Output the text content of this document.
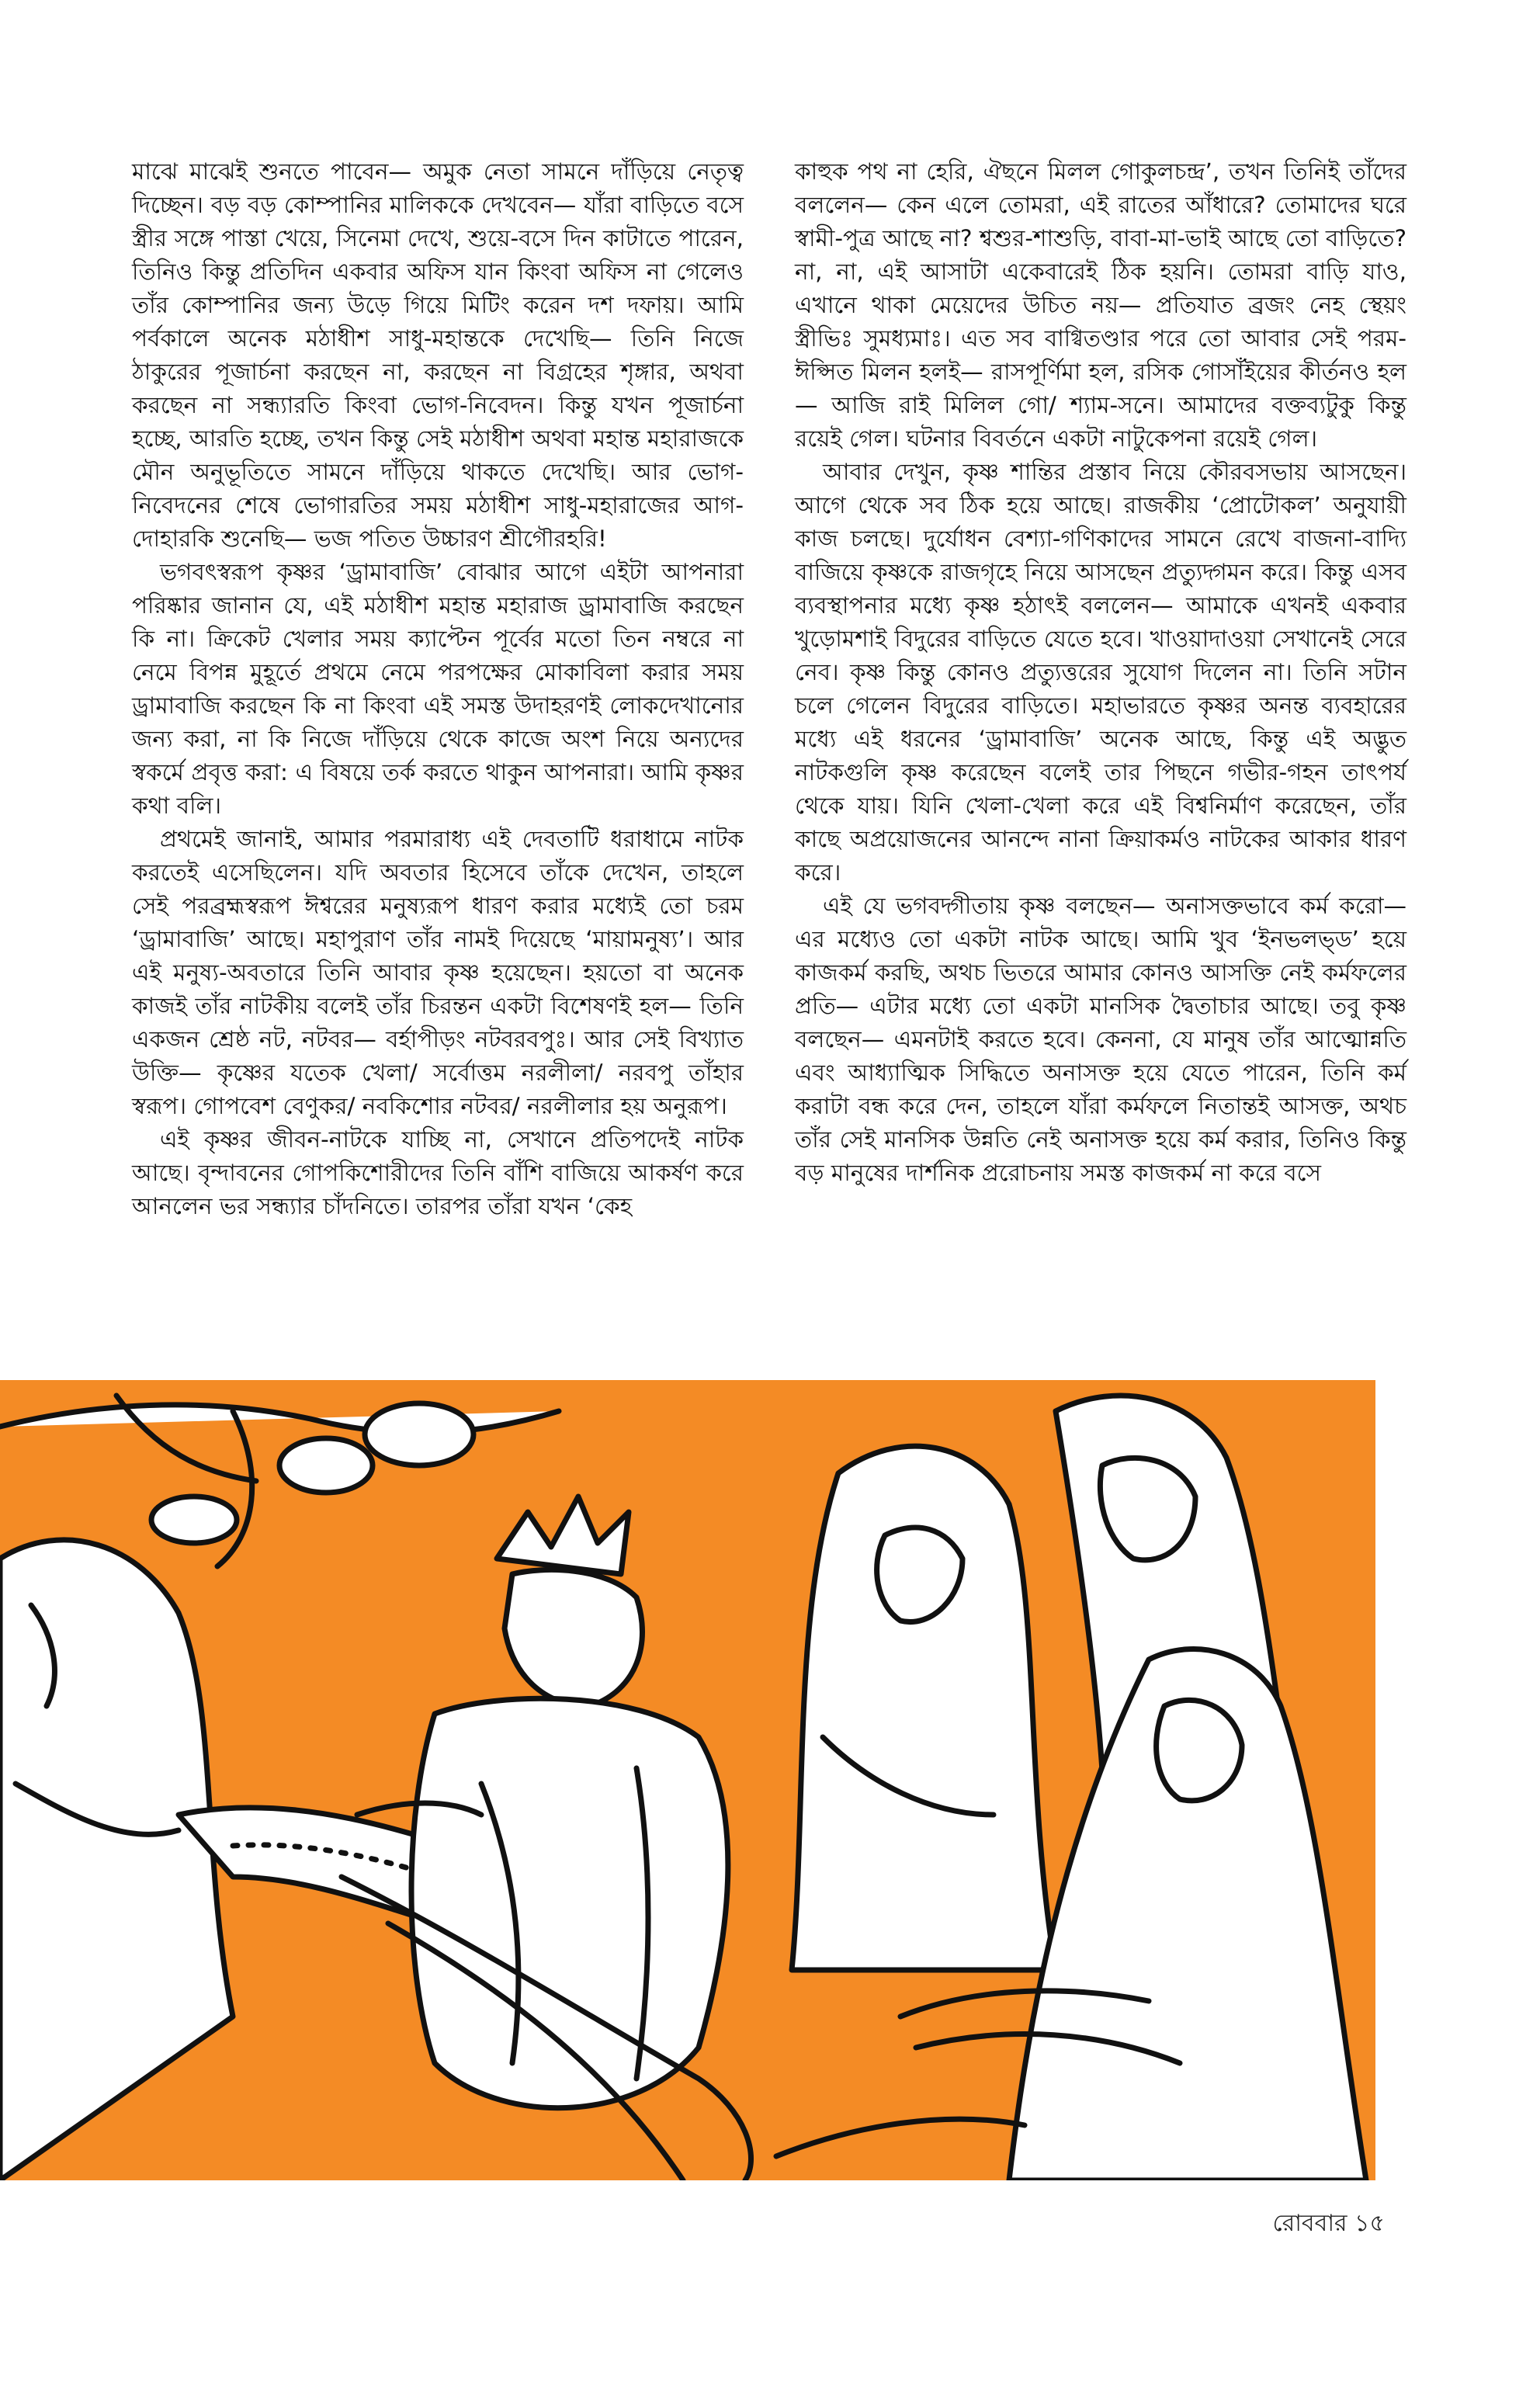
মাঝে মাঝেই শুনতে পাবেন— অমুক নেতা সামনে দাঁড়িয়ে নেতৃত্ব দিচ্ছেন। বড় বড় কোম্পানির মালিককে দেখবেন— যাঁরা বাড়িতে বসে স্ত্রীর সঙ্গে পাস্তা খেয়ে, সিনেমা দেখে, শুয়ে-বসে দিন কাটাতে পারেন, তিনিও কিন্তু প্রতিদিন একবার অফিস যান কিংবা অফিস না গেলেও তাঁর কোম্পানির জন্য উড়ে গিয়ে মিটিং করেন দশ দফায়। আমি পর্বকালে অনেক মঠাধীশ সাধু-মহান্তকে দেখেছি— তিনি নিজে ঠাকুরের পূজার্চনা করছেন না, করছেন না বিগ্রহের শৃঙ্গার, অথবা করছেন না সন্ধ্যারতি কিংবা ভোগ-নিবেদন। কিন্তু যখন পূজার্চনা হচ্ছে, আরতি হচ্ছে, তখন কিন্তু সেই মঠাধীশ অথবা মহান্ত মহারাজকে মৌন অনুভূতিতে সামনে দাঁড়িয়ে থাকতে দেখেছি। আর ভোগ-নিবেদনের শেষে ভোগারতির সময় মঠাধীশ সাধু-মহারাজের আগ-দোহারকি শুনেছি— ভজ পতিত উচ্চারণ শ্রীগৌরহরি!

ভগবৎস্বরূপ কৃষ্ণর ‘ড্রামাবাজি’ বোঝার আগে এইটা আপনারা পরিষ্কার জানান যে, এই মঠাধীশ মহান্ত মহারাজ ড্রামাবাজি করছেন কি না। ক্রিকেট খেলার সময় ক্যাপ্টেন পূর্বের মতো তিন নম্বরে না নেমে বিপন্ন মুহূর্তে প্রথমে নেমে পরপক্ষের মোকাবিলা করার সময় ড্রামাবাজি করছেন কি না কিংবা এই সমস্ত উদাহরণই লোকদেখানোর জন্য করা, না কি নিজে দাঁড়িয়ে থেকে কাজে অংশ নিয়ে অন্যদের স্বকর্মে প্রবৃত্ত করা: এ বিষয়ে তর্ক করতে থাকুন আপনারা। আমি কৃষ্ণর কথা বলি।

প্রথমেই জানাই, আমার পরমারাধ্য এই দেবতাটি ধরাধামে নাটক করতেই এসেছিলেন। যদি অবতার হিসেবে তাঁকে দেখেন, তাহলে সেই পরব্রহ্মস্বরূপ ঈশ্বরের মনুষ্যরূপ ধারণ করার মধ্যেই তো চরম ‘ড্রামাবাজি’ আছে। মহাপুরাণ তাঁর নামই দিয়েছে ‘মায়ামনুষ্য’। আর এই মনুষ্য-অবতারে তিনি আবার কৃষ্ণ হয়েছেন। হয়তো বা অনেক কাজই তাঁর নাটকীয় বলেই তাঁর চিরন্তন একটা বিশেষণই হল— তিনি একজন শ্রেষ্ঠ নট, নটবর— বর্হাপীড়ং নটবরবপুঃ। আর সেই বিখ্যাত উক্তি— কৃষ্ণের যতেক খেলা/ সর্বোত্তম নরলীলা/ নরবপু তাঁহার স্বরূপ। গোপবেশ বেণুকর/ নবকিশোর নটবর/ নরলীলার হয় অনুরূপ।

এই কৃষ্ণর জীবন-নাটকে যাচ্ছি না, সেখানে প্রতিপদেই নাটক আছে। বৃন্দাবনের গোপকিশোরীদের তিনি বাঁশি বাজিয়ে আকর্ষণ করে আনলেন ভর সন্ধ্যার চাঁদনিতে। তারপর তাঁরা যখন ‘কেহ

কাহুক পথ না হেরি, ঐছনে মিলল গোকুলচন্দ্র’, তখন তিনিই তাঁদের বললেন— কেন এলে তোমরা, এই রাতের আঁধারে? তোমাদের ঘরে স্বামী-পুত্র আছে না? শ্বশুর-শাশুড়ি, বাবা-মা-ভাই আছে তো বাড়িতে? না, না, এই আসাটা একেবারেই ঠিক হয়নি। তোমরা বাড়ি যাও, এখানে থাকা মেয়েদের উচিত নয়— প্রতিযাত ব্রজং নেহ স্থেয়ং স্ত্রীভিঃ সুমধ্যমাঃ। এত সব বাগ্বিতণ্ডার পরে তো আবার সেই পরম-ঈপ্সিত মিলন হলই— রাসপূর্ণিমা হল, রসিক গোসাঁইয়ের কীর্তনও হল— আজি রাই মিলিল গো/ শ্যাম-সনে। আমাদের বক্তব্যটুকু কিন্তু রয়েই গেল। ঘটনার বিবর্তনে একটা নাটুকেপনা রয়েই গেল।

আবার দেখুন, কৃষ্ণ শান্তির প্রস্তাব নিয়ে কৌরবসভায় আসছেন। আগে থেকে সব ঠিক হয়ে আছে। রাজকীয় ‘প্রোটোকল’ অনুযায়ী কাজ চলছে। দুর্যোধন বেশ্যা-গণিকাদের সামনে রেখে বাজনা-বাদ্যি বাজিয়ে কৃষ্ণকে রাজগৃহে নিয়ে আসছেন প্রত্যুদ্গমন করে। কিন্তু এসব ব্যবস্থাপনার মধ্যে কৃষ্ণ হঠাৎই বললেন— আমাকে এখনই একবার খুড়োমশাই বিদুরের বাড়িতে যেতে হবে। খাওয়াদাওয়া সেখানেই সেরে নেব। কৃষ্ণ কিন্তু কোনও প্রত্যুত্তরের সুযোগ দিলেন না। তিনি সটান চলে গেলেন বিদুরের বাড়িতে। মহাভারতে কৃষ্ণর অনন্ত ব্যবহারের মধ্যে এই ধরনের ‘ড্রামাবাজি’ অনেক আছে, কিন্তু এই অদ্ভুত নাটকগুলি কৃষ্ণ করেছেন বলেই তার পিছনে গভীর-গহন তাৎপর্য থেকে যায়। যিনি খেলা-খেলা করে এই বিশ্বনির্মাণ করেছেন, তাঁর কাছে অপ্রয়োজনের আনন্দে নানা ক্রিয়াকর্মও নাটকের আকার ধারণ করে।

এই যে ভগবদ্গীতায় কৃষ্ণ বলছেন— অনাসক্তভাবে কর্ম করো— এর মধ্যেও তো একটা নাটক আছে। আমি খুব ‘ইনভলভ্ড’ হয়ে কাজকর্ম করছি, অথচ ভিতরে আমার কোনও আসক্তি নেই কর্মফলের প্রতি— এটার মধ্যে তো একটা মানসিক দ্বৈতাচার আছে। তবু কৃষ্ণ বলছেন— এমনটাই করতে হবে। কেননা, যে মানুষ তাঁর আত্মোন্নতি এবং আধ্যাত্মিক সিদ্ধিতে অনাসক্ত হয়ে যেতে পারেন, তিনি কর্ম করাটা বন্ধ করে দেন, তাহলে যাঁরা কর্মফলে নিতান্তই আসক্ত, অথচ তাঁর সেই মানসিক উন্নতি নেই অনাসক্ত হয়ে কর্ম করার, তিনিও কিন্তু বড় মানুষের দার্শনিক প্ররোচনায় সমস্ত কাজকর্ম না করে বসে

রোববার ১৫
